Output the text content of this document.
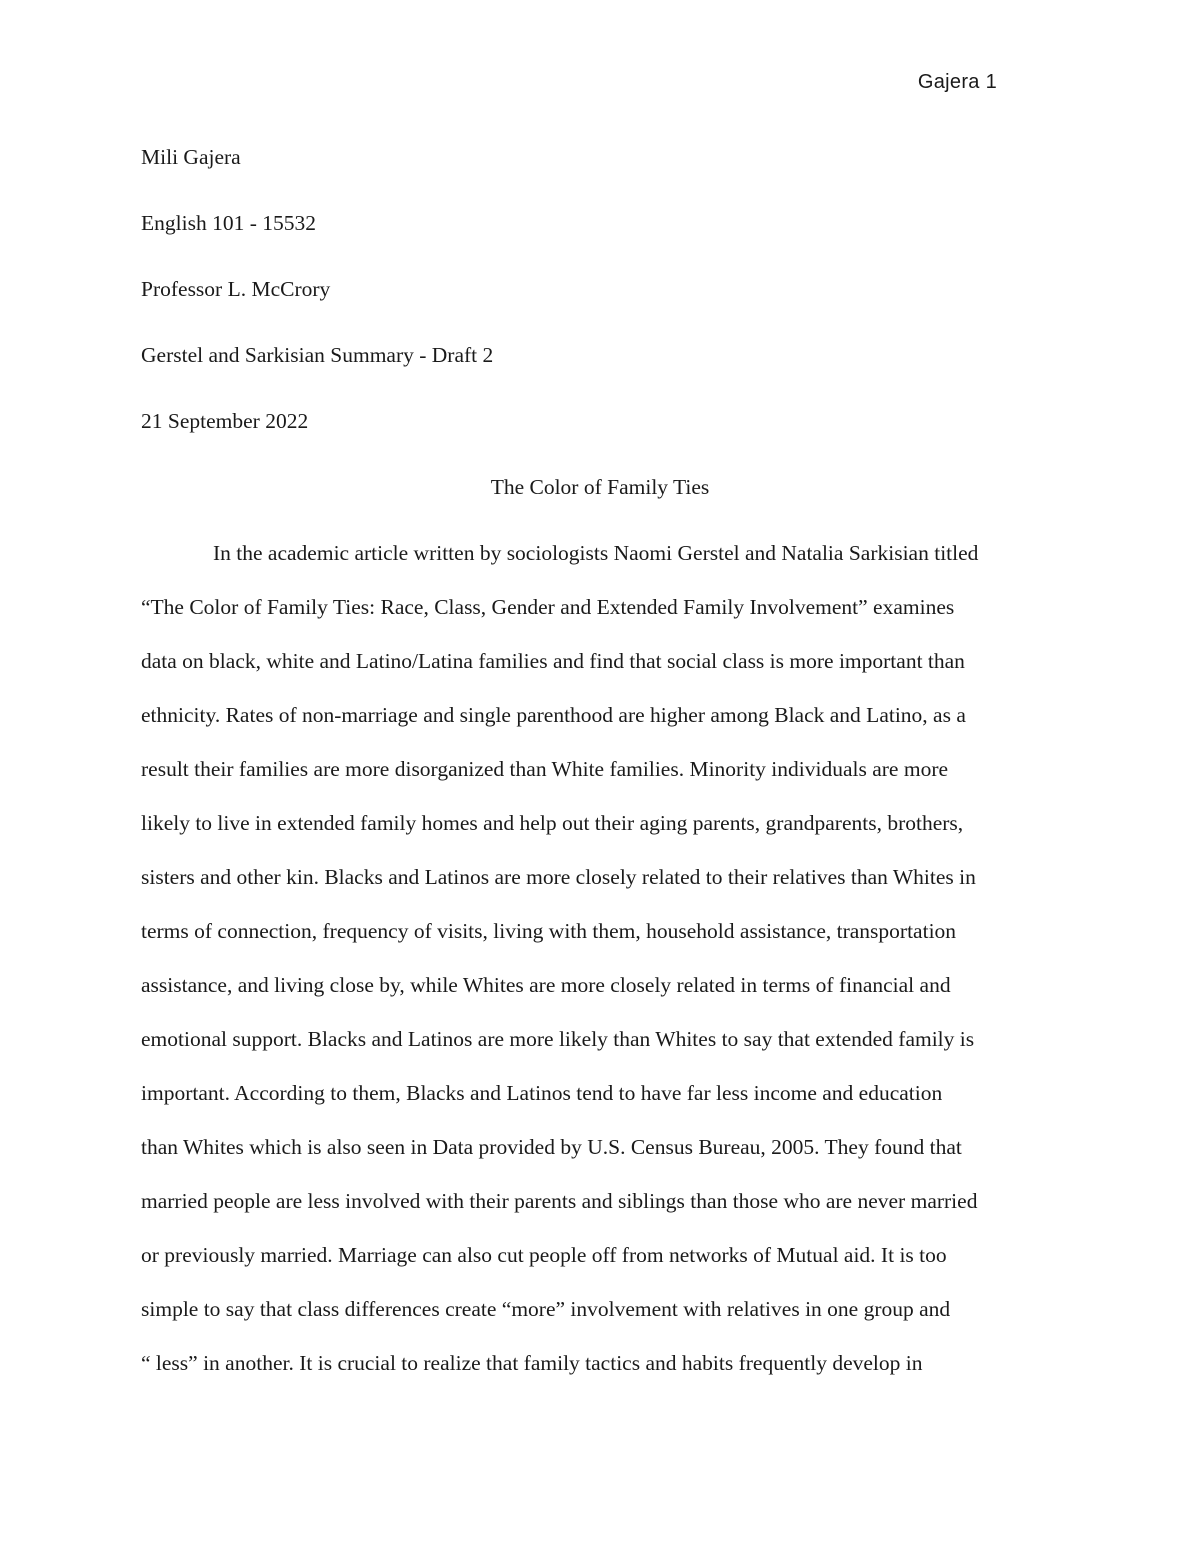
Gajera 1
Mili Gajera
English 101 - 15532
Professor L. McCrory
Gerstel and Sarkisian Summary - Draft 2
21 September 2022
The Color of Family Ties
In the academic article written by sociologists Naomi Gerstel and Natalia Sarkisian titled
“The Color of Family Ties: Race, Class, Gender and Extended Family Involvement” examines
data on black, white and Latino/Latina families and find that social class is more important than
ethnicity. Rates of non-marriage and single parenthood are higher among Black and Latino, as a
result their families are more disorganized than White families. Minority individuals are more
likely to live in extended family homes and help out their aging parents, grandparents, brothers,
sisters and other kin. Blacks and Latinos are more closely related to their relatives than Whites in
terms of connection, frequency of visits, living with them, household assistance, transportation
assistance, and living close by, while Whites are more closely related in terms of financial and
emotional support. Blacks and Latinos are more likely than Whites to say that extended family is
important. According to them, Blacks and Latinos tend to have far less income and education
than Whites which is also seen in Data provided by U.S. Census Bureau, 2005. They found that
married people are less involved with their parents and siblings than those who are never married
or previously married. Marriage can also cut people off from networks of Mutual aid. It is too
simple to say that class differences create “more” involvement with relatives in one group and
“ less” in another. It is crucial to realize that family tactics and habits frequently develop in
